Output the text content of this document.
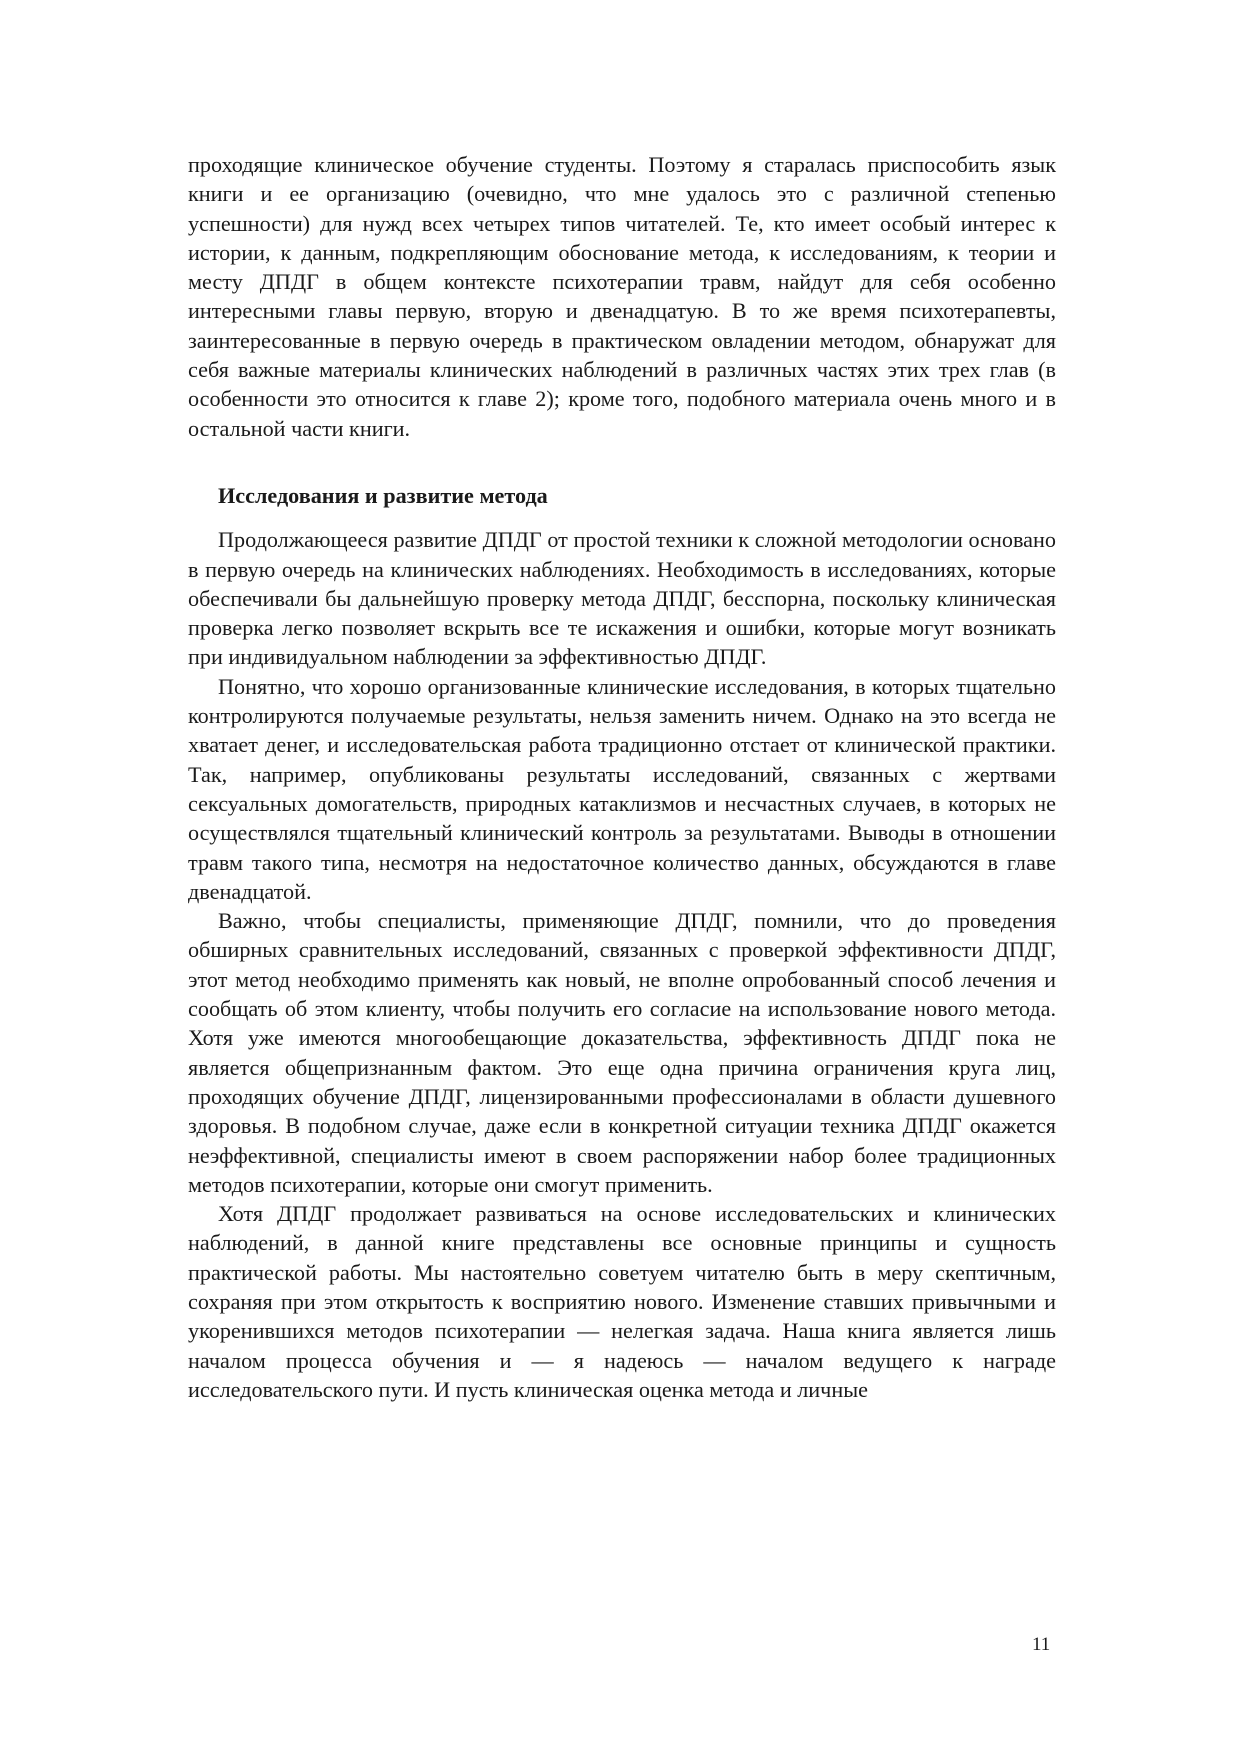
проходящие клиническое обучение студенты. Поэтому я старалась приспособить язык книги и ее организацию (очевидно, что мне удалось это с различной степенью успешности) для нужд всех четырех типов читателей. Те, кто имеет особый интерес к истории, к данным, подкрепляющим обоснование метода, к исследованиям, к теории и месту ДПДГ в общем контексте психотерапии травм, найдут для себя особенно интересными главы первую, вторую и двенадцатую. В то же время психотерапевты, заинтересованные в первую очередь в практическом овладении методом, обнаружат для себя важные материалы клинических наблюдений в различных частях этих трех глав (в особенности это относится к главе 2); кроме того, подобного материала очень много и в остальной части книги.

Исследования и развитие метода

Продолжающееся развитие ДПДГ от простой техники к сложной методологии основано в первую очередь на клинических наблюдениях. Необходимость в исследованиях, которые обеспечивали бы дальнейшую проверку метода ДПДГ, бесспорна, поскольку клиническая проверка легко позволяет вскрыть все те искажения и ошибки, которые могут возникать при индивидуальном наблюдении за эффективностью ДПДГ.

Понятно, что хорошо организованные клинические исследования, в которых тщательно контролируются получаемые результаты, нельзя заменить ничем. Однако на это всегда не хватает денег, и исследовательская работа традиционно отстает от клинической практики. Так, например, опубликованы результаты исследований, связанных с жертвами сексуальных домогательств, природных катаклизмов и несчастных случаев, в которых не осуществлялся тщательный клинический контроль за результатами. Выводы в отношении травм такого типа, несмотря на недостаточное количество данных, обсуждаются в главе двенадцатой.

Важно, чтобы специалисты, применяющие ДПДГ, помнили, что до проведения обширных сравнительных исследований, связанных с проверкой эффективности ДПДГ, этот метод необходимо применять как новый, не вполне опробованный способ лечения и сообщать об этом клиенту, чтобы получить его согласие на использование нового метода. Хотя уже имеются многообещающие доказательства, эффективность ДПДГ пока не является общепризнанным фактом. Это еще одна причина ограничения круга лиц, проходящих обучение ДПДГ, лицензированными профессионалами в области душевного здоровья. В подобном случае, даже если в конкретной ситуации техника ДПДГ окажется неэффективной, специалисты имеют в своем распоряжении набор более традиционных методов психотерапии, которые они смогут применить.

Хотя ДПДГ продолжает развиваться на основе исследовательских и клинических наблюдений, в данной книге представлены все основные принципы и сущность практической работы. Мы настоятельно советуем читателю быть в меру скептичным, сохраняя при этом открытость к восприятию нового. Изменение ставших привычными и укоренившихся методов психотерапии — нелегкая задача. Наша книга является лишь началом процесса обучения и — я надеюсь — началом ведущего к награде исследовательского пути. И пусть клиническая оценка метода и личные

11
